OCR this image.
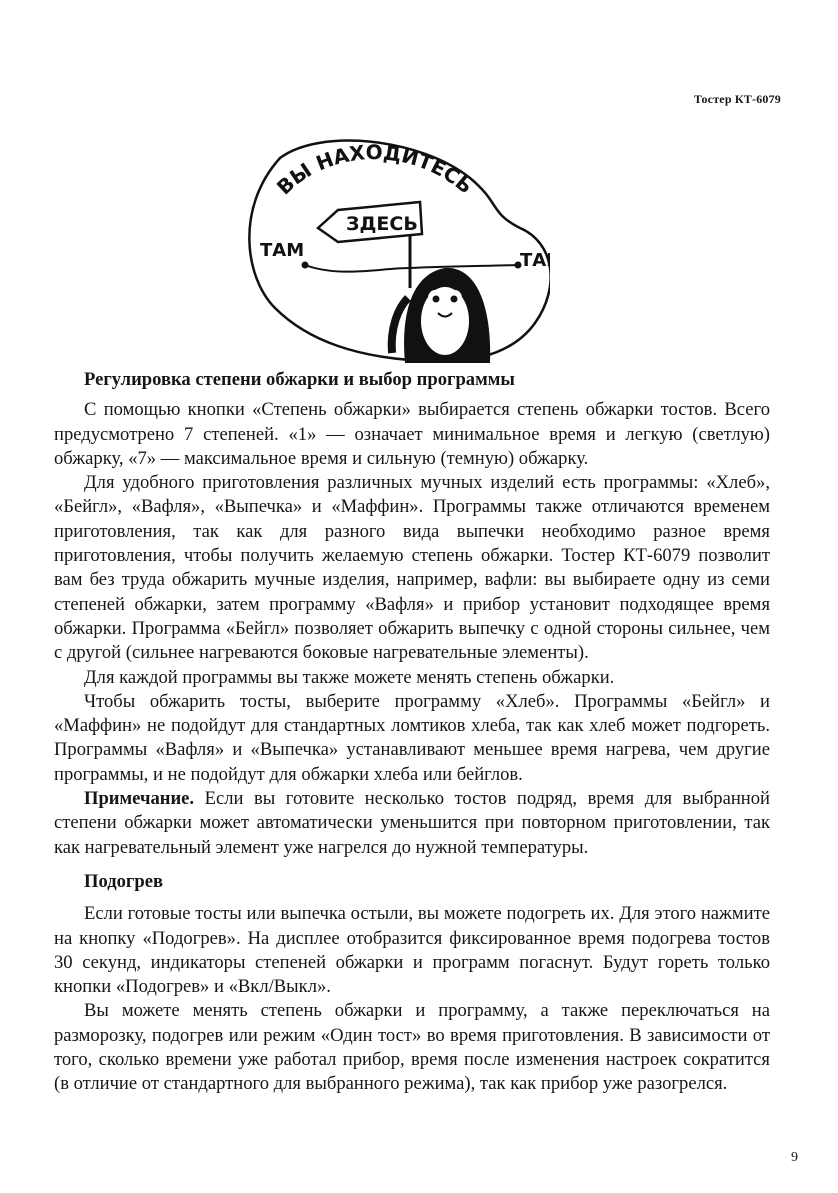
Тостер КТ-6079
ВЫ НАХОДИТЕСЬ
ЗДЕСЬ
ТАМ	ТА
Регулировка степени обжарки и выбор программы

С помощью кнопки «Степень обжарки» выбирается степень обжарки тостов. Всего предусмотрено 7 степеней. «1» — означает минимальное время и легкую (светлую) обжарку, «7» — максимальное время и сильную (темную) обжарку.

Для удобного приготовления различных мучных изделий есть программы: «Хлеб», «Бейгл», «Вафля», «Выпечка» и «Маффин». Программы также отличаются временем приготовления, так как для разного вида выпечки необходимо разное время приготовления, чтобы получить желаемую степень обжарки. Тостер КТ-6079 позволит вам без труда обжарить мучные изделия, например, вафли: вы выбираете одну из семи степеней обжарки, затем программу «Вафля» и прибор установит подходящее время обжарки. Программа «Бейгл» позволяет обжарить выпечку с одной стороны сильнее, чем с другой (сильнее нагреваются боковые нагревательные элементы).

Для каждой программы вы также можете менять степень обжарки.

Чтобы обжарить тосты, выберите программу «Хлеб». Программы «Бейгл» и «Маффин» не подойдут для стандартных ломтиков хлеба, так как хлеб может подгореть. Программы «Вафля» и «Выпечка» устанавливают меньшее время нагрева, чем другие программы, и не подойдут для обжарки хлеба или бейглов.

Примечание. Если вы готовите несколько тостов подряд, время для выбранной степени обжарки может автоматически уменьшится при повторном приготовлении, так как нагревательный элемент уже нагрелся до нужной температуры.

Подогрев

Если готовые тосты или выпечка остыли, вы можете подогреть их. Для этого нажмите на кнопку «Подогрев». На дисплее отобразится фиксированное время подогрева тостов 30 секунд, индикаторы степеней обжарки и программ погаснут. Будут гореть только кнопки «Подогрев» и «Вкл/Выкл».

Вы можете менять степень обжарки и программу, а также переключаться на разморозку, подогрев или режим «Один тост» во время приготовления. В зависимости от того, сколько времени уже работал прибор, время после изменения настроек сократится (в отличие от стандартного для выбранного режима), так как прибор уже разогрелся.

9
